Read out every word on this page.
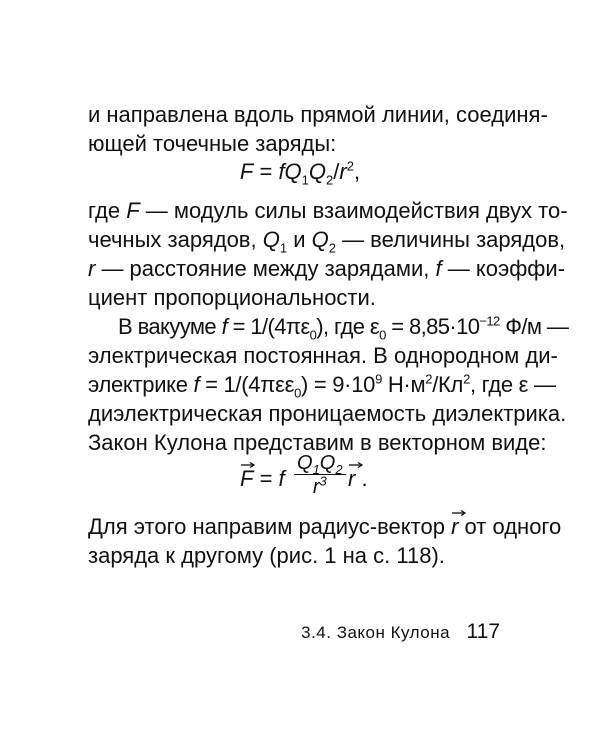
и направлена вдоль прямой линии, соединя-
ющей точечные заряды:
$F = fQ_1Q_2/r^2$,
где F — модуль силы взаимодействия двух то-
чечных зарядов, $Q_1$ и $Q_2$ — величины зарядов,
r — расстояние между зарядами, f — коэффи-
циент пропорциональности.
В вакууме $f = 1/(4\pi\varepsilon_0)$, где $\varepsilon_0 = 8,85\cdot 10^{-12}$ Ф/м —
электрическая постоянная. В однородном ди-
электрике $f = 1/(4\pi\varepsilon\varepsilon_0) = 9\cdot 10^9$ $Н\cdot м^2/Кл^2$, где ε —
диэлектрическая проницаемость диэлектрика.
Закон Кулона представим в векторном виде:
F
= f $\frac{Q_1Q_2}{r^3}$ r
.
Для этого направим радиус-вектор r
от одного
заряда к другому (рис. 1 на с. 118).
3.4. Закон Кулона 117
